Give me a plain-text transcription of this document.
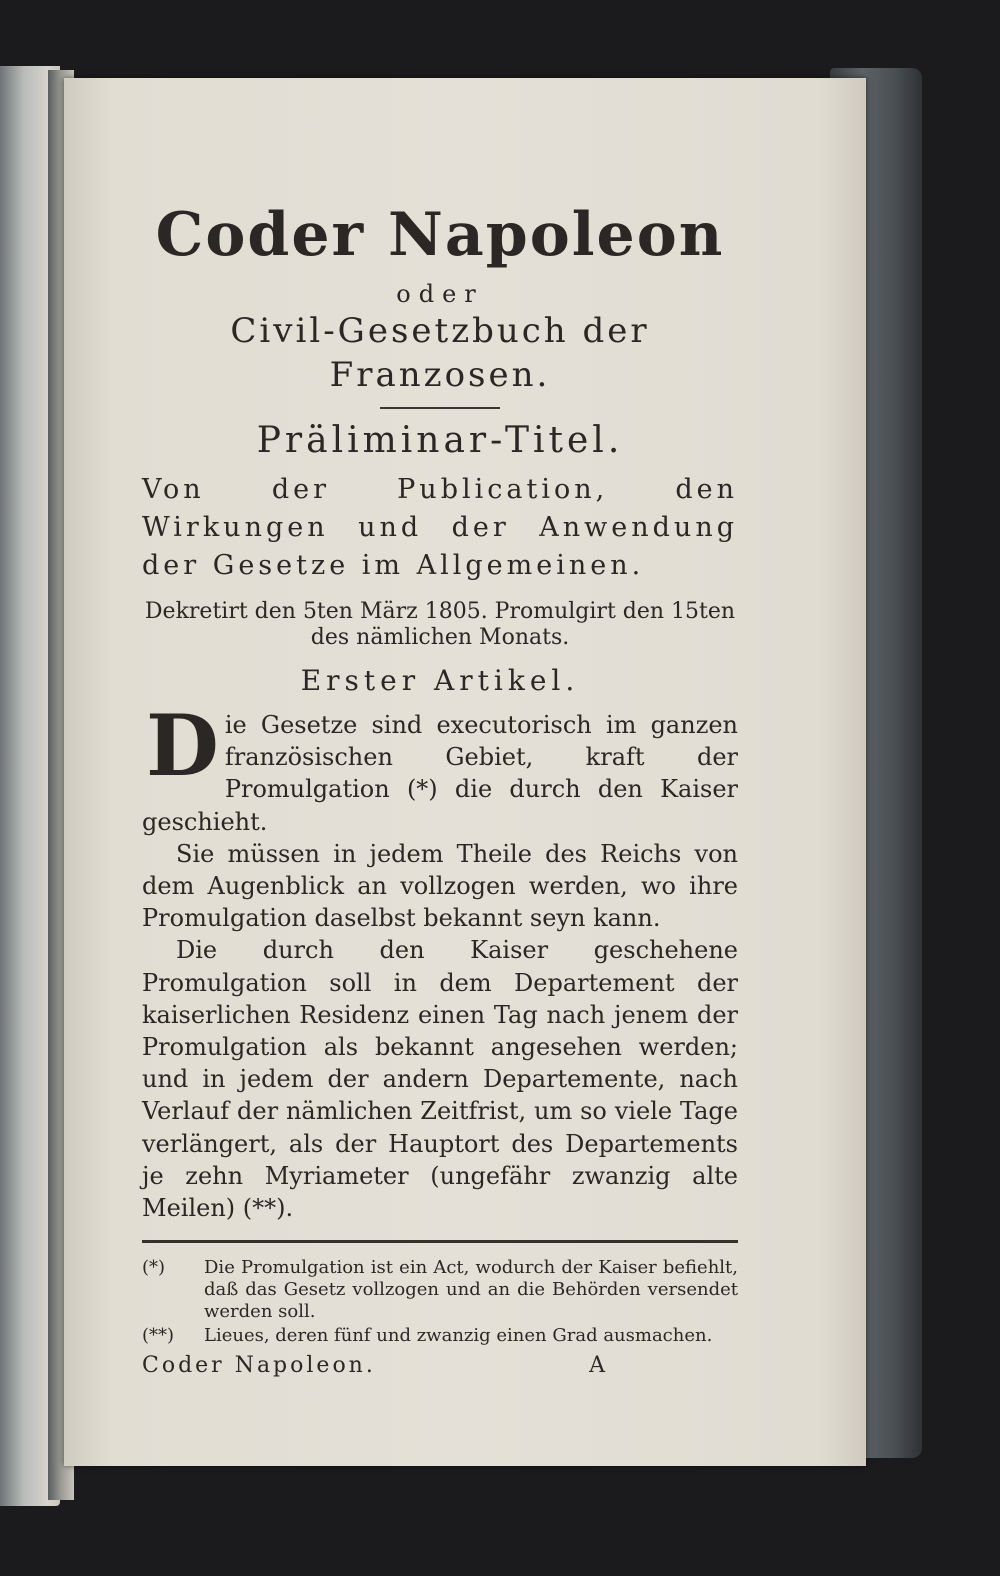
Coder Napoleon
oder
Civil-Gesetzbuch der Franzosen.
Präliminar-Titel.
Von der Publication, den Wirkungen und der Anwendung der Gesetze im Allgemeinen.
Dekretirt den 5ten März 1805. Promulgirt den 15ten des nämlichen Monats.
Erster Artikel.

Die Gesetze sind executorisch im ganzen französischen Gebiet, kraft der Promulgation (*) die durch den Kaiser geschieht.

Sie müssen in jedem Theile des Reichs von dem Augenblick an vollzogen werden, wo ihre Promulgation daselbst bekannt seyn kann.

Die durch den Kaiser geschehene Promulgation soll in dem Departement der kaiserlichen Residenz einen Tag nach jenem der Promulgation als bekannt angesehen werden; und in jedem der andern Departemente, nach Verlauf der nämlichen Zeitfrist, um so viele Tage verlängert, als der Hauptort des Departements je zehn Myriameter (ungefähr zwanzig alte Meilen) (**).

(*)	Die Promulgation ist ein Act, wodurch der Kaiser befiehlt, daß das Gesetz vollzogen und an die Behörden versendet werden soll.
(**)	Lieues, deren fünf und zwanzig einen Grad ausmachen.
Coder Napoleon.	A
